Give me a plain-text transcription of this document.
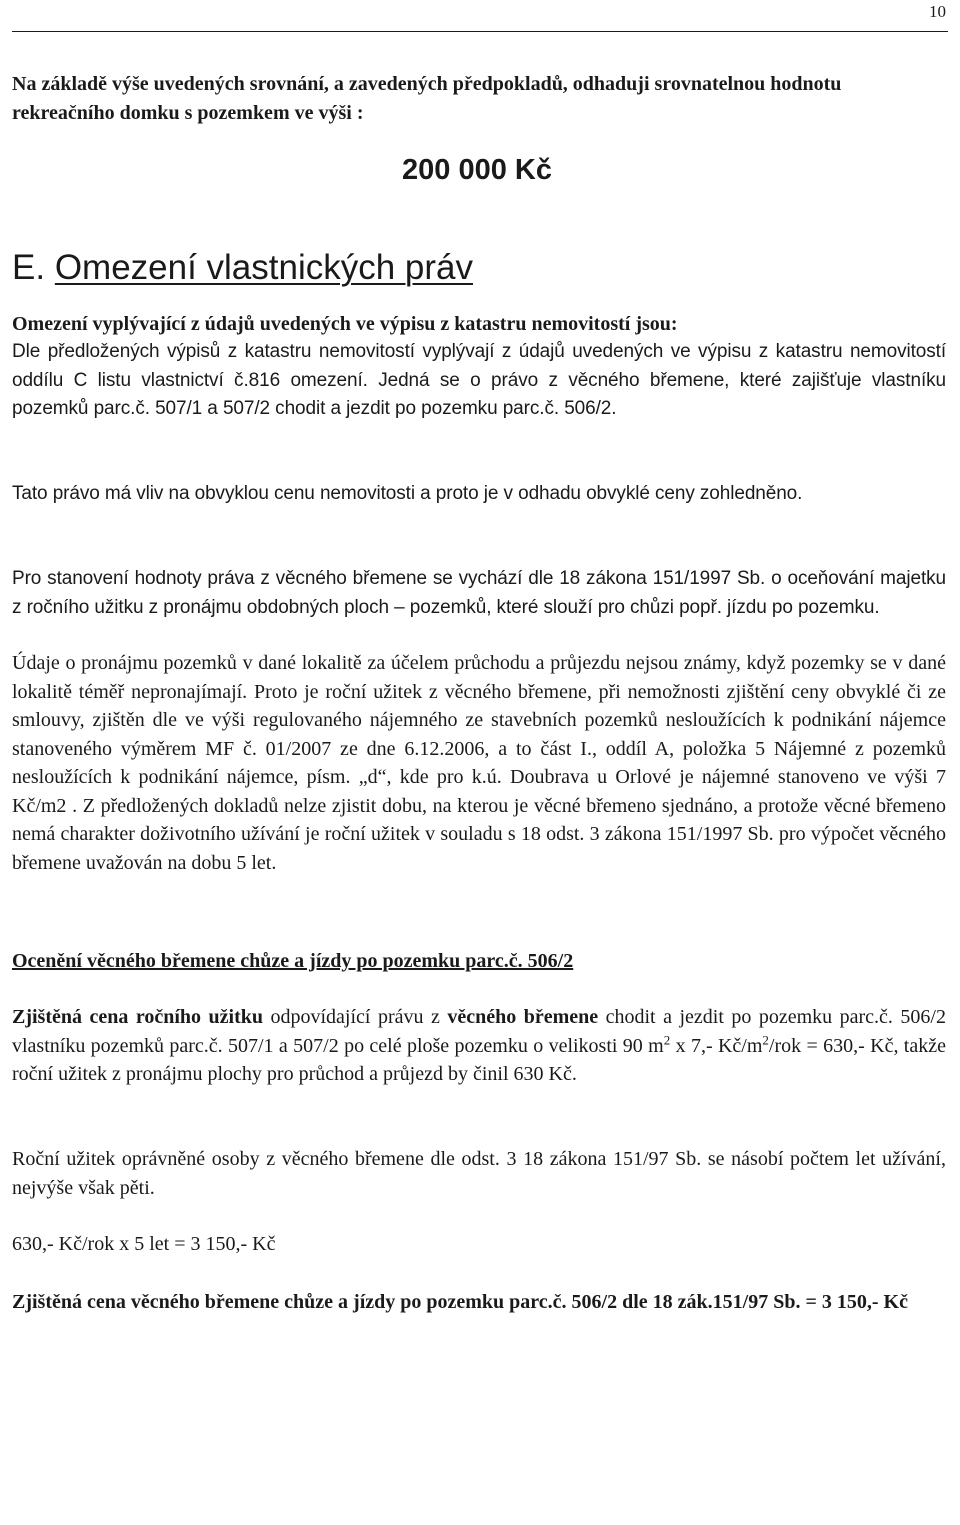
10
Na základě výše uvedených srovnání, a zavedených předpokladů, odhaduji srovnatelnou hodnotu rekreačního domku s pozemkem ve výši :
200 000 Kč
E. Omezení vlastnických práv
Omezení vyplývající z údajů uvedených ve výpisu z katastru nemovitostí jsou:

Dle předložených výpisů z katastru nemovitostí vyplývají z údajů uvedených ve výpisu z katastru nemovitostí oddílu C listu vlastnictví č.816 omezení. Jedná se o právo z věcného břemene, které zajišťuje vlastníku pozemků parc.č. 507/1 a 507/2 chodit a jezdit po pozemku parc.č. 506/2.

Tato právo má vliv na obvyklou cenu nemovitosti a proto je v odhadu obvyklé ceny zohledněno.

Pro stanovení hodnoty práva z věcného břemene se vychází dle 18 zákona 151/1997 Sb. o oceňování majetku z ročního užitku z pronájmu obdobných ploch – pozemků, které slouží pro chůzi popř. jízdu po pozemku.

Údaje o pronájmu pozemků v dané lokalitě za účelem průchodu a průjezdu nejsou známy, když pozemky se v dané lokalitě téměř nepronajímají. Proto je roční užitek z věcného břemene, při nemožnosti zjištění ceny obvyklé či ze smlouvy, zjištěn dle ve výši regulovaného nájemného ze stavebních pozemků nesloužících k podnikání nájemce stanoveného výměrem MF č. 01/2007 ze dne 6.12.2006, a to část I., oddíl A, položka 5 Nájemné z pozemků nesloužících k podnikání nájemce, písm. „d“, kde pro k.ú. Doubrava u Orlové je nájemné stanoveno ve výši 7 Kč/m2 . Z předložených dokladů nelze zjistit dobu, na kterou je věcné břemeno sjednáno, a protože věcné břemeno nemá charakter doživotního užívání je roční užitek v souladu s 18 odst. 3 zákona 151/1997 Sb. pro výpočet věcného břemene uvažován na dobu 5 let.

Ocenění věcného břemene chůze a jízdy po pozemku parc.č. 506/2

Zjištěná cena ročního užitku odpovídající právu z věcného břemene chodit a jezdit po pozemku parc.č. 506/2 vlastníku pozemků parc.č. 507/1 a 507/2 po celé ploše pozemku o velikosti 90 $m^2$ x 7,- $Kč/m^2$/rok = 630,- Kč, takže roční užitek z pronájmu plochy pro průchod a průjezd by činil 630 Kč.

Roční užitek oprávněné osoby z věcného břemene dle odst. 3 18 zákona 151/97 Sb. se násobí počtem let užívání, nejvýše však pěti.

630,- Kč/rok x 5 let = 3 150,- Kč

Zjištěná cena věcného břemene chůze a jízdy po pozemku parc.č. 506/2 dle 18 zák.151/97 Sb. = 3 150,- Kč
